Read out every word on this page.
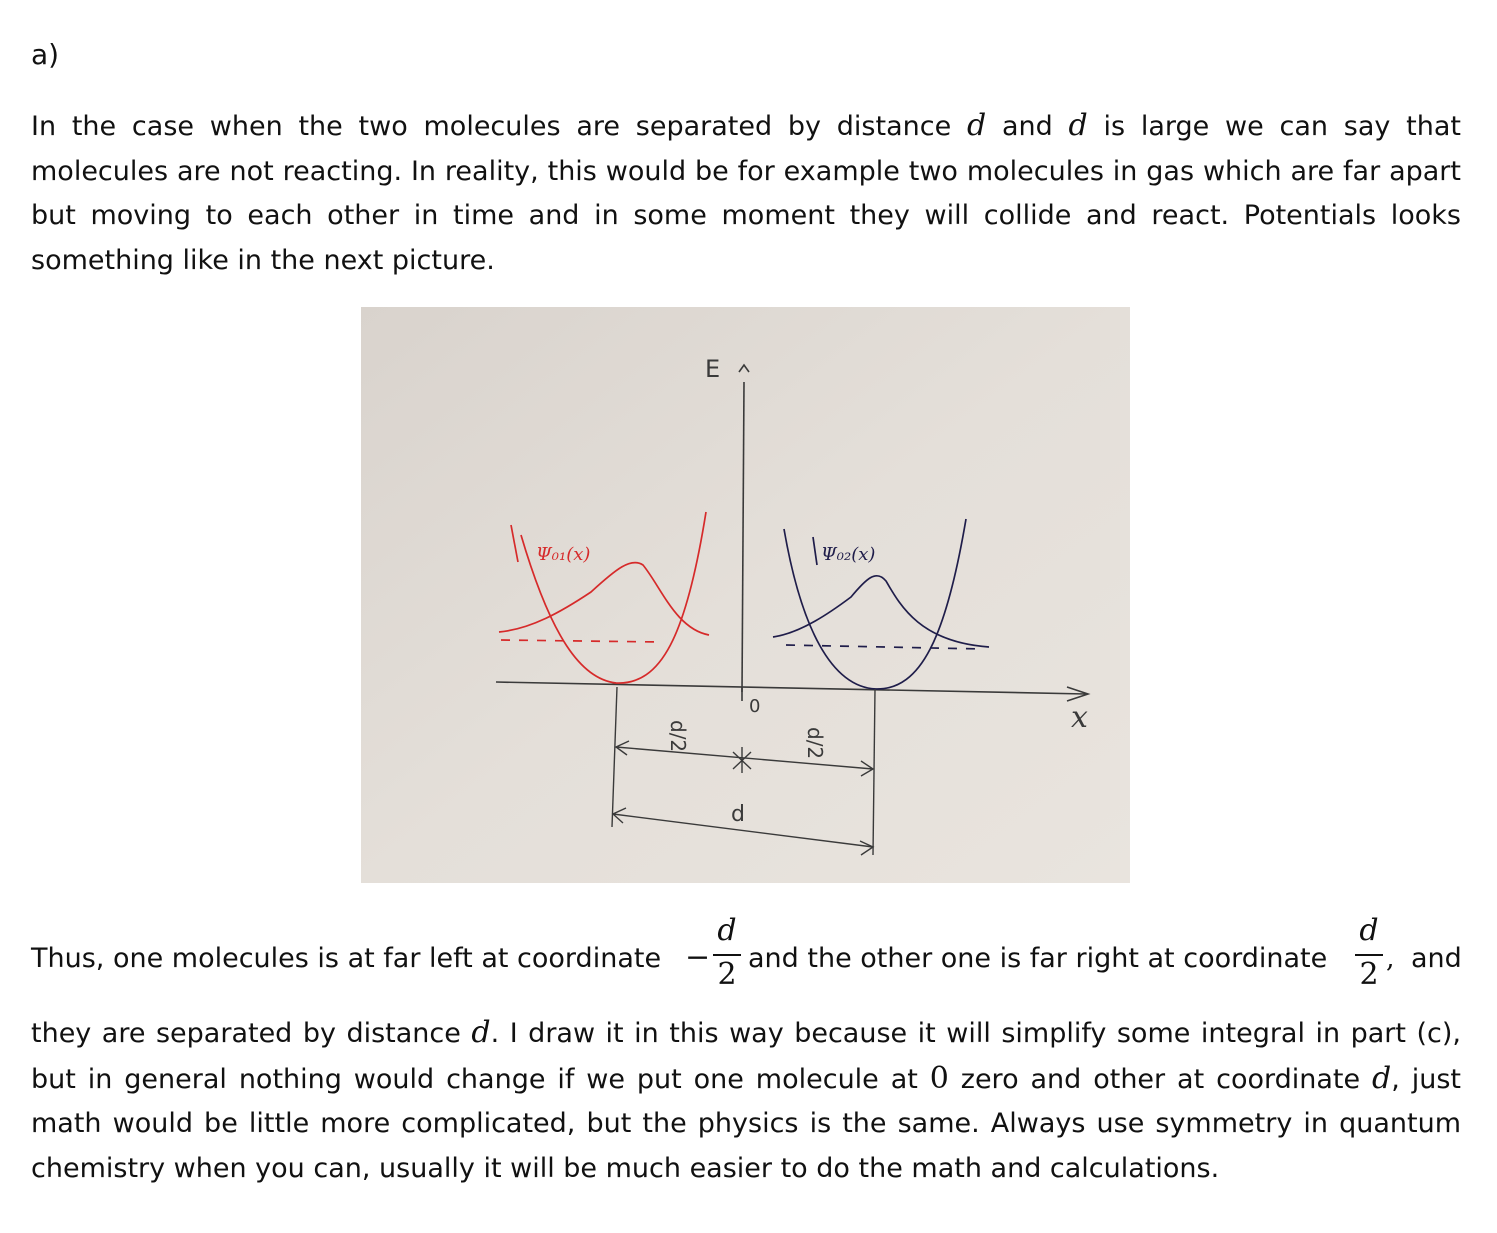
a)
In the case when the two molecules are separated by distance d and d is large we can say that molecules are not reacting. In reality, this would be for example two molecules in gas which are far apart but moving to each other in time and in some moment they will collide and react. Potentials looks something like in the next picture.
E
x
0
Ψ₀₁(x)	Ψ₀₂(x)
d/2	d/2
d
Thus, one molecules is at far left at coordinate −
d
2 and the other one is far right at coordinate
d
2 , and
they are separated by distance d. I draw it in this way because it will simplify some integral in part (c), but in general nothing would change if we put one molecule at 0 zero and other at coordinate d, just math would be little more complicated, but the physics is the same. Always use symmetry in quantum chemistry when you can, usually it will be much easier to do the math and calculations.
